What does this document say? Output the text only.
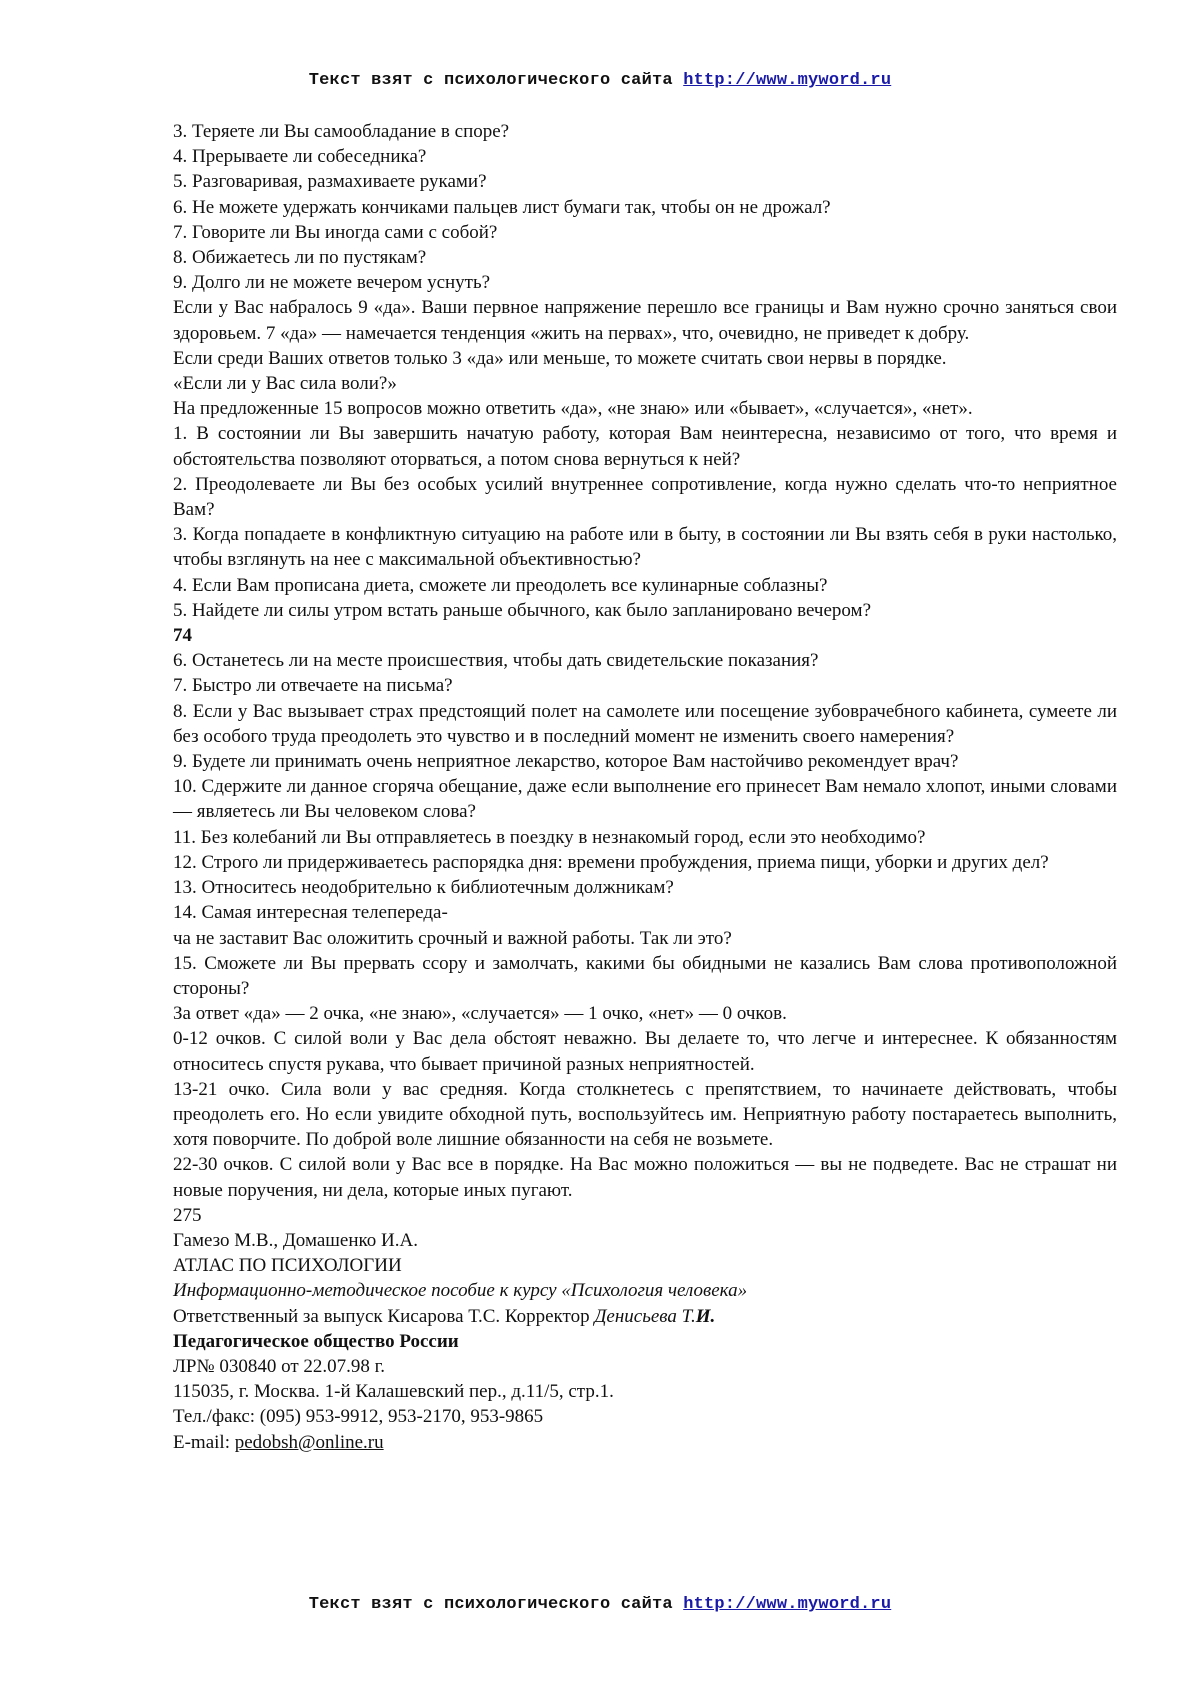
Текст взят с психологического сайта http://www.myword.ru

3. Теряете ли Вы самообладание в споре?

4. Прерываете ли собеседника?

5. Разговаривая, размахиваете руками?

6. Не можете удержать кончиками пальцев лист бумаги так, чтобы он не дрожал?

7. Говорите ли Вы иногда сами с собой?

8. Обижаетесь ли по пустякам?

9. Долго ли не можете вечером уснуть?

Если у Вас набралось 9 «да». Ваши первное напряжение перешло все границы и Вам нужно срочно заняться свои здоровьем. 7 «да» — намечается тенденция «жить на первах», что, очевидно, не приведет к добру.

Если среди Ваших ответов только 3 «да» или меньше, то можете считать свои нервы в порядке.

«Если ли у Вас сила воли?»

На предложенные 15 вопросов можно ответить «да», «не знаю» или «бывает», «случается», «нет».

1. В состоянии ли Вы завершить начатую работу, которая Вам неинтересна, независимо от того, что время и обстоятельства позволяют оторваться, а потом снова вернуться к ней?

2. Преодолеваете ли Вы без особых усилий внутреннее сопротивление, когда нужно сделать что-то неприятное Вам?

3. Когда попадаете в конфликтную ситуацию на работе или в быту, в состоянии ли Вы взять себя в руки настолько, чтобы взглянуть на нее с максимальной объективностью?

4. Если Вам прописана диета, сможете ли преодолеть все кулинарные соблазны?

5. Найдете ли силы утром встать раньше обычного, как было запланировано вечером?

74

6. Останетесь ли на месте происшествия, чтобы дать свидетельские показания?

7. Быстро ли отвечаете на письма?

8. Если у Вас вызывает страх предстоящий полет на самолете или посещение зубоврачебного кабинета, сумеете ли без особого труда преодолеть это чувство и в последний момент не изменить своего намерения?

9. Будете ли принимать очень неприятное лекарство, которое Вам настойчиво рекомендует врач?

10. Сдержите ли данное сгоряча обещание, даже если выполнение его принесет Вам немало хлопот, иными словами — являетесь ли Вы человеком слова?

11. Без колебаний ли Вы отправляетесь в поездку в незнакомый город, если это необходимо?

12. Строго ли придерживаетесь распорядка дня: времени пробуждения, приема пищи, уборки и других дел?

13. Относитесь неодобрительно к библиотечным должникам?

14. Самая интересная телепереда-

ча не заставит Вас оложитить срочный и важной работы. Так ли это?

15. Сможете ли Вы прервать ссору и замолчать, какими бы обидными не казались Вам слова противоположной стороны?

За ответ «да» — 2 очка, «не знаю», «случается» — 1 очко, «нет» — 0 очков.

0-12 очков. С силой воли у Вас дела обстоят неважно. Вы делаете то, что легче и интереснее. К обязанностям относитесь спустя рукава, что бывает причиной разных неприятностей.

13-21 очко. Сила воли у вас средняя. Когда столкнетесь с препятствием, то начинаете действовать, чтобы преодолеть его. Но если увидите обходной путь, воспользуйтесь им. Неприятную работу постараетесь выполнить, хотя поворчите. По доброй воле лишние обязанности на себя не возьмете.

22-30 очков. С силой воли у Вас все в порядке. На Вас можно положиться — вы не подведете. Вас не страшат ни новые поручения, ни дела, которые иных пугают.

275

Гамезо М.В., Домашенко И.А.

АТЛАС ПО ПСИХОЛОГИИ

Информационно-методическое пособие к курсу «Психология человека»

Ответственный за выпуск Кисарова Т.С. Корректор Денисьева Т.И.

Педагогическое общество России

ЛР№ 030840 от 22.07.98 г.

115035, г. Москва. 1-й Калашевский пер., д.11/5, стр.1.

Тел./факс: (095) 953-9912, 953-2170, 953-9865

E-mail: pedobsh@online.ru

Текст взят с психологического сайта http://www.myword.ru
